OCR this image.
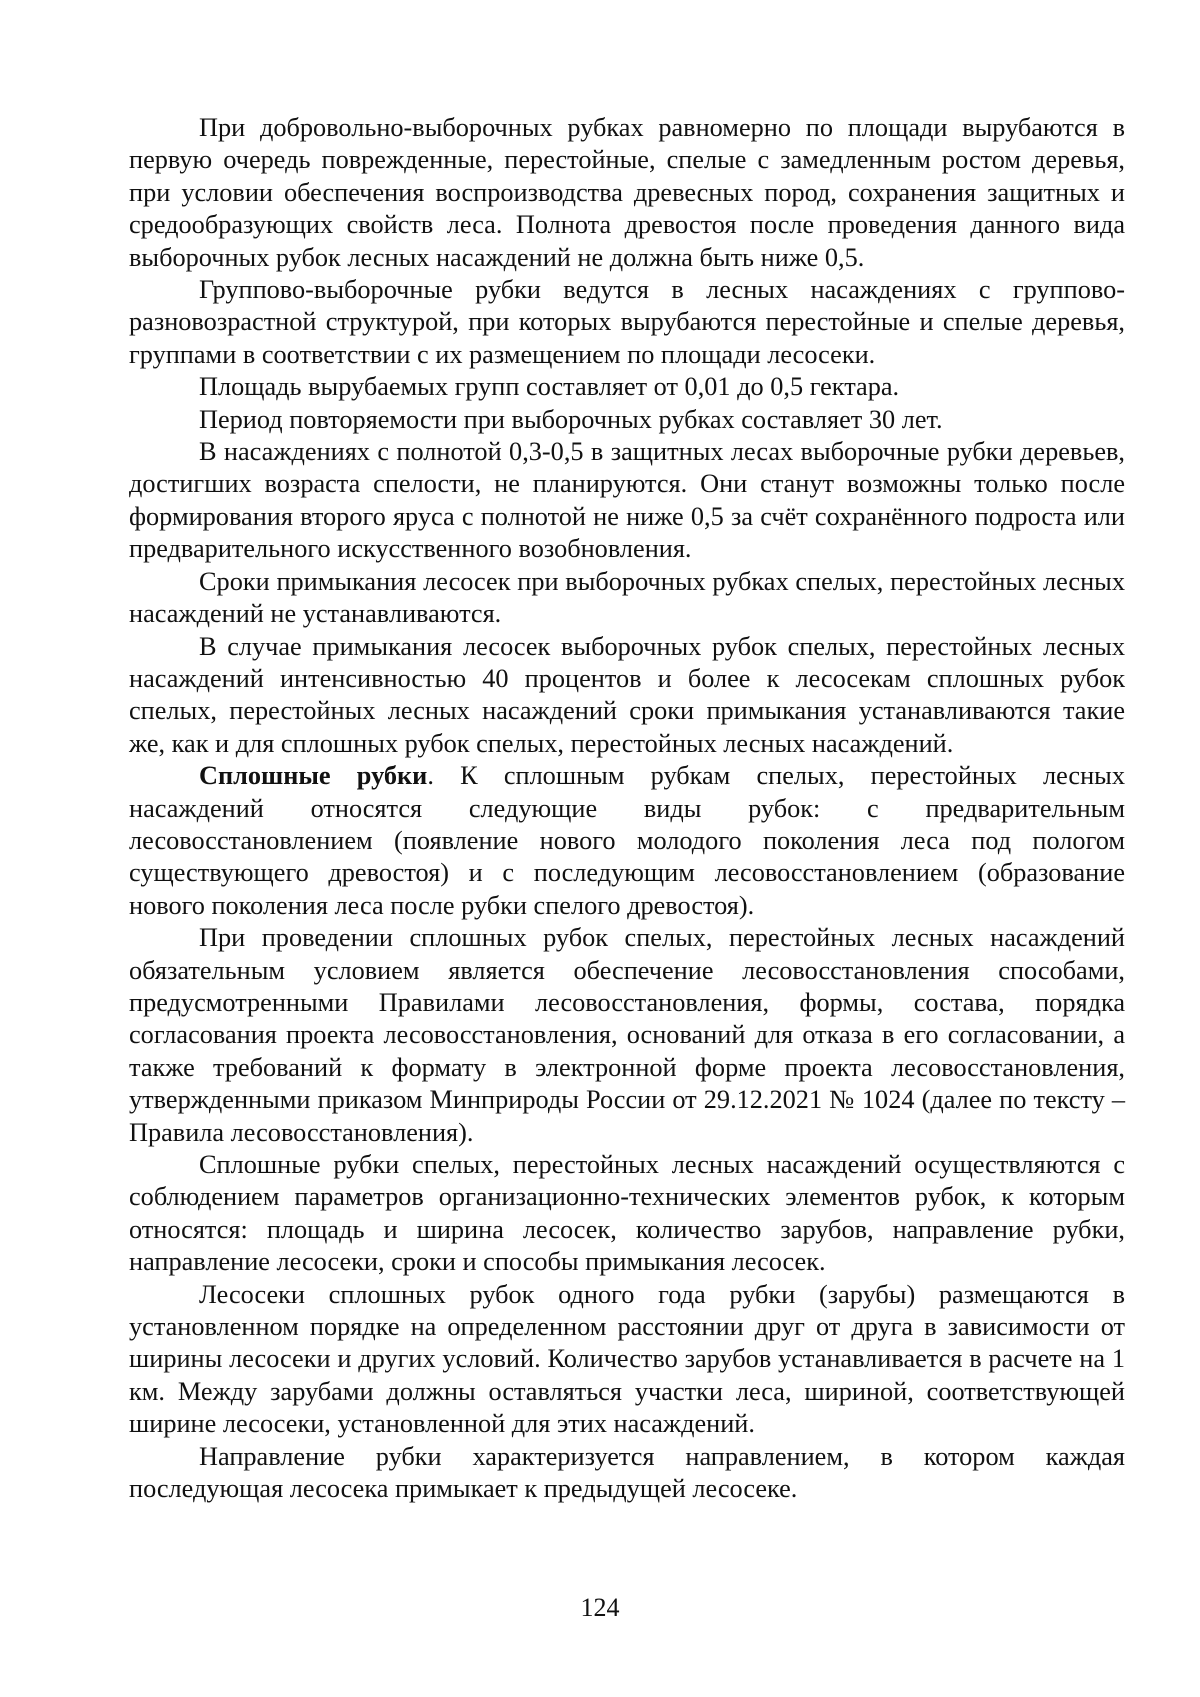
При добровольно-выборочных рубках равномерно по площади вырубаются в первую очередь поврежденные, перестойные, спелые с замедленным ростом деревья, при условии обеспечения воспроизводства древесных пород, сохранения защитных и средообразующих свойств леса. Полнота древостоя после проведения данного вида выборочных рубок лесных насаждений не должна быть ниже 0,5.

Группово-выборочные рубки ведутся в лесных насаждениях с группово-разновозрастной структурой, при которых вырубаются перестойные и спелые деревья, группами в соответствии с их размещением по площади лесосеки.

Площадь вырубаемых групп составляет от 0,01 до 0,5 гектара.

Период повторяемости при выборочных рубках составляет 30 лет.

В насаждениях с полнотой 0,3-0,5 в защитных лесах выборочные рубки деревьев, достигших возраста спелости, не планируются. Они станут возможны только после формирования второго яруса с полнотой не ниже 0,5 за счёт сохранённого подроста или предварительного искусственного возобновления.

Сроки примыкания лесосек при выборочных рубках спелых, перестойных лесных насаждений не устанавливаются.

В случае примыкания лесосек выборочных рубок спелых, перестойных лесных насаждений интенсивностью 40 процентов и более к лесосекам сплошных рубок спелых, перестойных лесных насаждений сроки примыкания устанавливаются такие же, как и для сплошных рубок спелых, перестойных лесных насаждений.

Сплошные рубки. К сплошным рубкам спелых, перестойных лесных насаждений относятся следующие виды рубок: с предварительным лесовосстановлением (появление нового молодого поколения леса под пологом существующего древостоя) и с последующим лесовосстановлением (образование нового поколения леса после рубки спелого древостоя).

При проведении сплошных рубок спелых, перестойных лесных насаждений обязательным условием является обеспечение лесовосстановления способами, предусмотренными Правилами лесовосстановления, формы, состава, порядка согласования проекта лесовосстановления, оснований для отказа в его согласовании, а также требований к формату в электронной форме проекта лесовосстановления, утвержденными приказом Минприроды России от 29.12.2021 № 1024 (далее по тексту – Правила лесовосстановления).

Сплошные рубки спелых, перестойных лесных насаждений осуществляются с соблюдением параметров организационно-технических элементов рубок, к которым относятся: площадь и ширина лесосек, количество зарубов, направление рубки, направление лесосеки, сроки и способы примыкания лесосек.

Лесосеки сплошных рубок одного года рубки (зарубы) размещаются в установленном порядке на определенном расстоянии друг от друга в зависимости от ширины лесосеки и других условий. Количество зарубов устанавливается в расчете на 1 км. Между зарубами должны оставляться участки леса, шириной, соответствующей ширине лесосеки, установленной для этих насаждений.

Направление рубки характеризуется направлением, в котором каждая последующая лесосека примыкает к предыдущей лесосеке.

124
